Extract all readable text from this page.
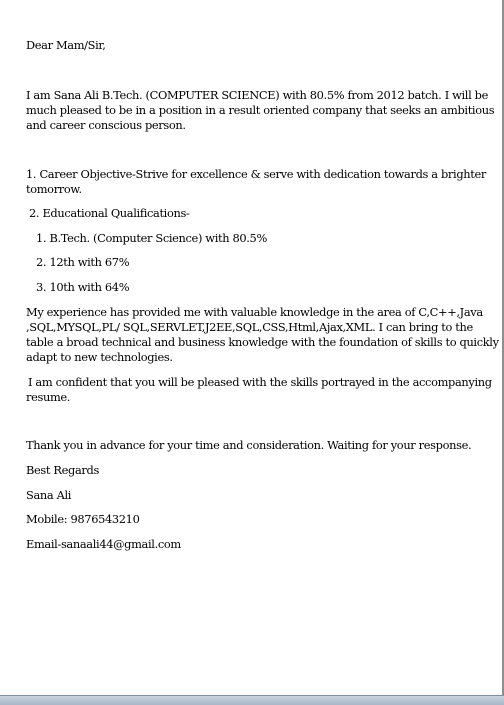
Dear Mam/Sir,
I am Sana Ali B.Tech. (COMPUTER SCIENCE) with 80.5% from 2012 batch. I will be
much pleased to be in a position in a result oriented company that seeks an ambitious
and career conscious person.
1. Career Objective-Strive for excellence & serve with dedication towards a brighter
tomorrow.
2. Educational Qualifications-
1. B.Tech. (Computer Science) with 80.5%
2. 12th with 67%
3. 10th with 64%
My experience has provided me with valuable knowledge in the area of C,C++,Java
,SQL,MYSQL,PL/ SQL,SERVLET,J2EE,SQL,CSS,Html,Ajax,XML. I can bring to the
table a broad technical and business knowledge with the foundation of skills to quickly
adapt to new technologies.
I am confident that you will be pleased with the skills portrayed in the accompanying
resume.
Thank you in advance for your time and consideration. Waiting for your response.
Best Regards
Sana Ali
Mobile: 9876543210
Email-sanaali44@gmail.com
